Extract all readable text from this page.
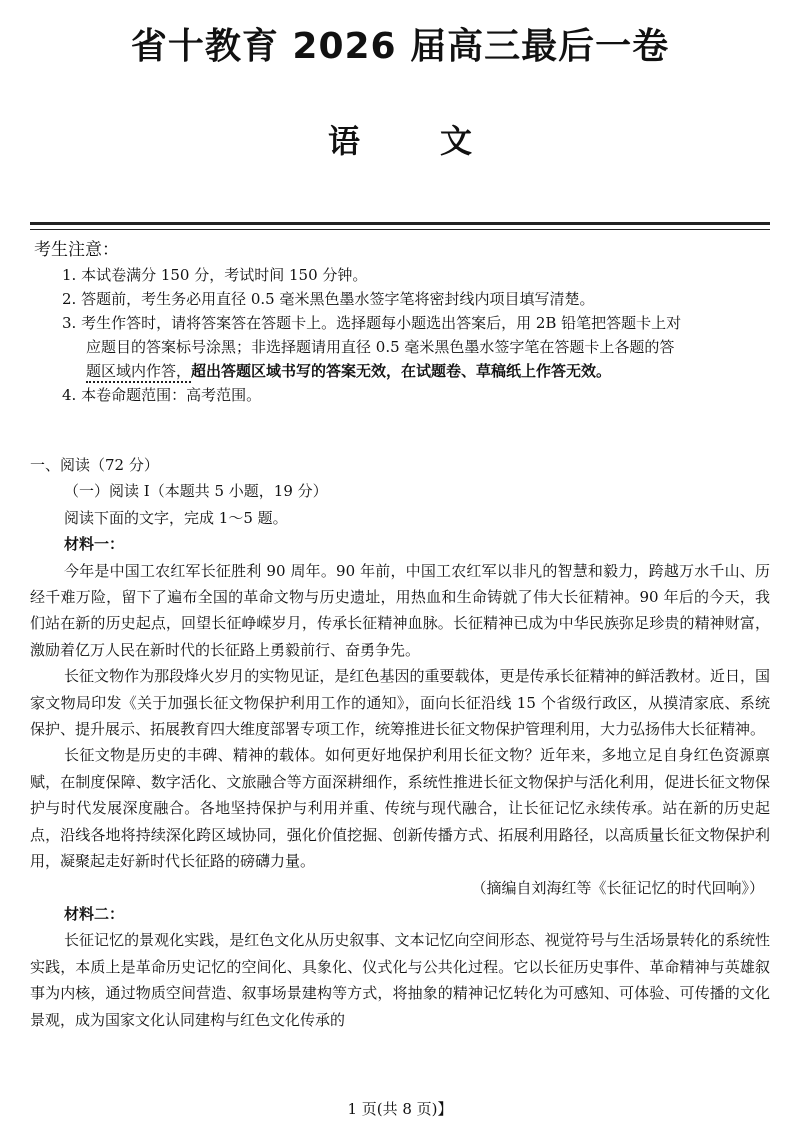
省十教育 2026 届高三最后一卷
语文
考生注意：
1. 本试卷满分 150 分，考试时间 150 分钟。
2. 答题前，考生务必用直径 0.5 毫米黑色墨水签字笔将密封线内项目填写清楚。
3. 考生作答时，请将答案答在答题卡上。选择题每小题选出答案后，用 2B 铅笔把答题卡上对
应题目的答案标号涂黑；非选择题请用直径 0.5 毫米黑色墨水签字笔在答题卡上各题的答
题区域内作答，超出答题区域书写的答案无效，在试题卷、草稿纸上作答无效。
4. 本卷命题范围：高考范围。
一、阅读（72 分）
（一）阅读 Ⅰ（本题共 5 小题，19 分）
阅读下面的文字，完成 1～5 题。
材料一：
今年是中国工农红军长征胜利 90 周年。90 年前，中国工农红军以非凡的智慧和毅力，跨越万水千山、历经千难万险，留下了遍布全国的革命文物与历史遗址，用热血和生命铸就了伟大长征精神。90 年后的今天，我们站在新的历史起点，回望长征峥嵘岁月，传承长征精神血脉。长征精神已成为中华民族弥足珍贵的精神财富，激励着亿万人民在新时代的长征路上勇毅前行、奋勇争先。
长征文物作为那段烽火岁月的实物见证，是红色基因的重要载体，更是传承长征精神的鲜活教材。近日，国家文物局印发《关于加强长征文物保护利用工作的通知》，面向长征沿线 15 个省级行政区，从摸清家底、系统保护、提升展示、拓展教育四大维度部署专项工作，统筹推进长征文物保护管理利用，大力弘扬伟大长征精神。
长征文物是历史的丰碑、精神的载体。如何更好地保护利用长征文物？近年来，多地立足自身红色资源禀赋，在制度保障、数字活化、文旅融合等方面深耕细作，系统性推进长征文物保护与活化利用，促进长征文物保护与时代发展深度融合。各地坚持保护与利用并重、传统与现代融合，让长征记忆永续传承。站在新的历史起点，沿线各地将持续深化跨区域协同，强化价值挖掘、创新传播方式、拓展利用路径，以高质量长征文物保护利用，凝聚起走好新时代长征路的磅礴力量。
（摘编自刘海红等《长征记忆的时代回响》）
材料二：
长征记忆的景观化实践，是红色文化从历史叙事、文本记忆向空间形态、视觉符号与生活场景转化的系统性实践，本质上是革命历史记忆的空间化、具象化、仪式化与公共化过程。它以长征历史事件、革命精神与英雄叙事为内核，通过物质空间营造、叙事场景建构等方式，将抽象的精神记忆转化为可感知、可体验、可传播的文化景观，成为国家文化认同建构与红色文化传承的
1 页(共 8 页)】
